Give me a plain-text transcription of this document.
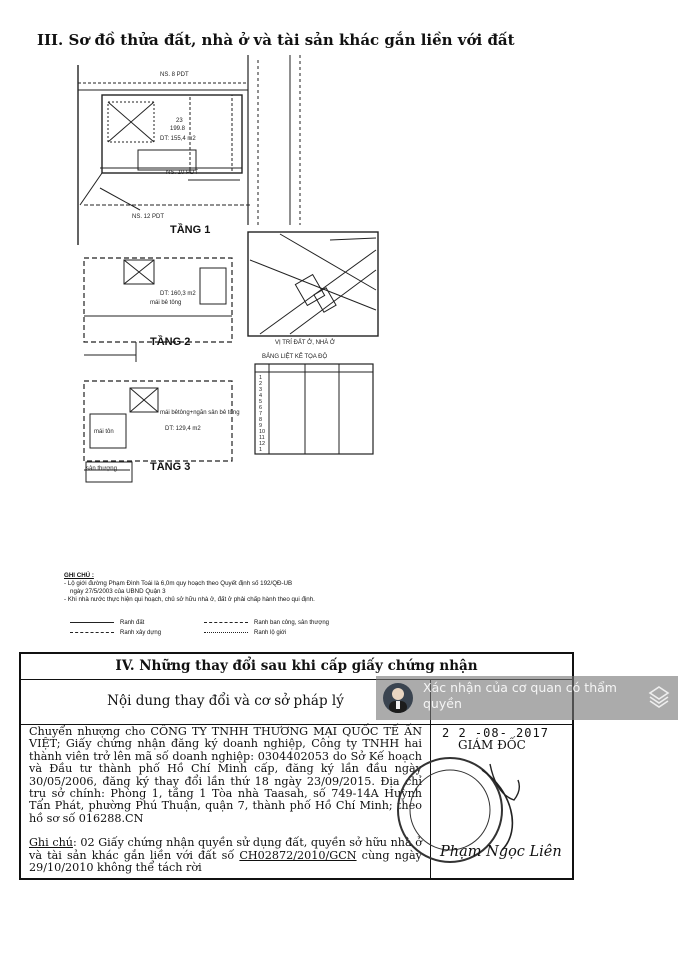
III. Sơ đồ thửa đất, nhà ở và tài sản khác gắn liền với đất
NS. 8 PDT
NS. 10 PDT
NS. 12 PDT
23
199.8
DT: 155,4 m2
DT: 160,3 m2
mái bê tông
DT: 129,4 m2
mái bêtông+ngăn sân bê tông
mái tôn
sân thượng
VỊ TRÍ ĐẤT Ở, NHÀ Ở
BẢNG LIỆT KÊ TỌA ĐỘ
TẦNG 1
TẦNG 2
TẦNG 3
1
2
3
4
5
6
7
8
9
10
11
12
1
GHI CHÚ :
- Lộ giới đường Phạm Đình Toái là 6,0m quy hoạch theo Quyết định số 192/QĐ-UB
ngày 27/5/2003 của UBND Quận 3
- Khi nhà nước thực hiện qui hoạch, chủ sở hữu nhà ở, đất ở phải chấp hành theo qui định.
Ranh đất
Ranh xây dựng
Ranh ban công, sân thượng
Ranh lộ giới
IV. Những thay đổi sau khi cấp giấy chứng nhận
Nội dung thay đổi và cơ sở pháp lý

Chuyển nhượng cho CÔNG TY TNHH THƯƠNG MẠI QUỐC TẾ ẤN VIỆT; Giấy chứng nhận đăng ký doanh nghiệp, Công ty TNHH hai thành viên trở lên mã số doanh nghiệp: 0304402053 do Sở Kế hoạch và Đầu tư thành phố Hồ Chí Minh cấp, đăng ký lần đầu ngày 30/05/2006, đăng ký thay đổi lần thứ 18 ngày 23/09/2015. Địa chỉ trụ sở chính: Phòng 1, tầng 1 Tòa nhà Taasah, số 749-14A Huỳnh Tấn Phát, phường Phú Thuận, quận 7, thành phố Hồ Chí Minh; theo hồ sơ số 016288.CN

Ghi chú: 02 Giấy chứng nhận quyền sử dụng đất, quyền sở hữu nhà ở và tài sản khác gắn liền với đất số CH02872/2010/GCN cùng ngày 29/10/2010 không thể tách rời

2 2 -08- 2017
GIÁM ĐỐC
Phạm Ngọc Liên
Xác nhận của cơ quan có thẩm quyền
